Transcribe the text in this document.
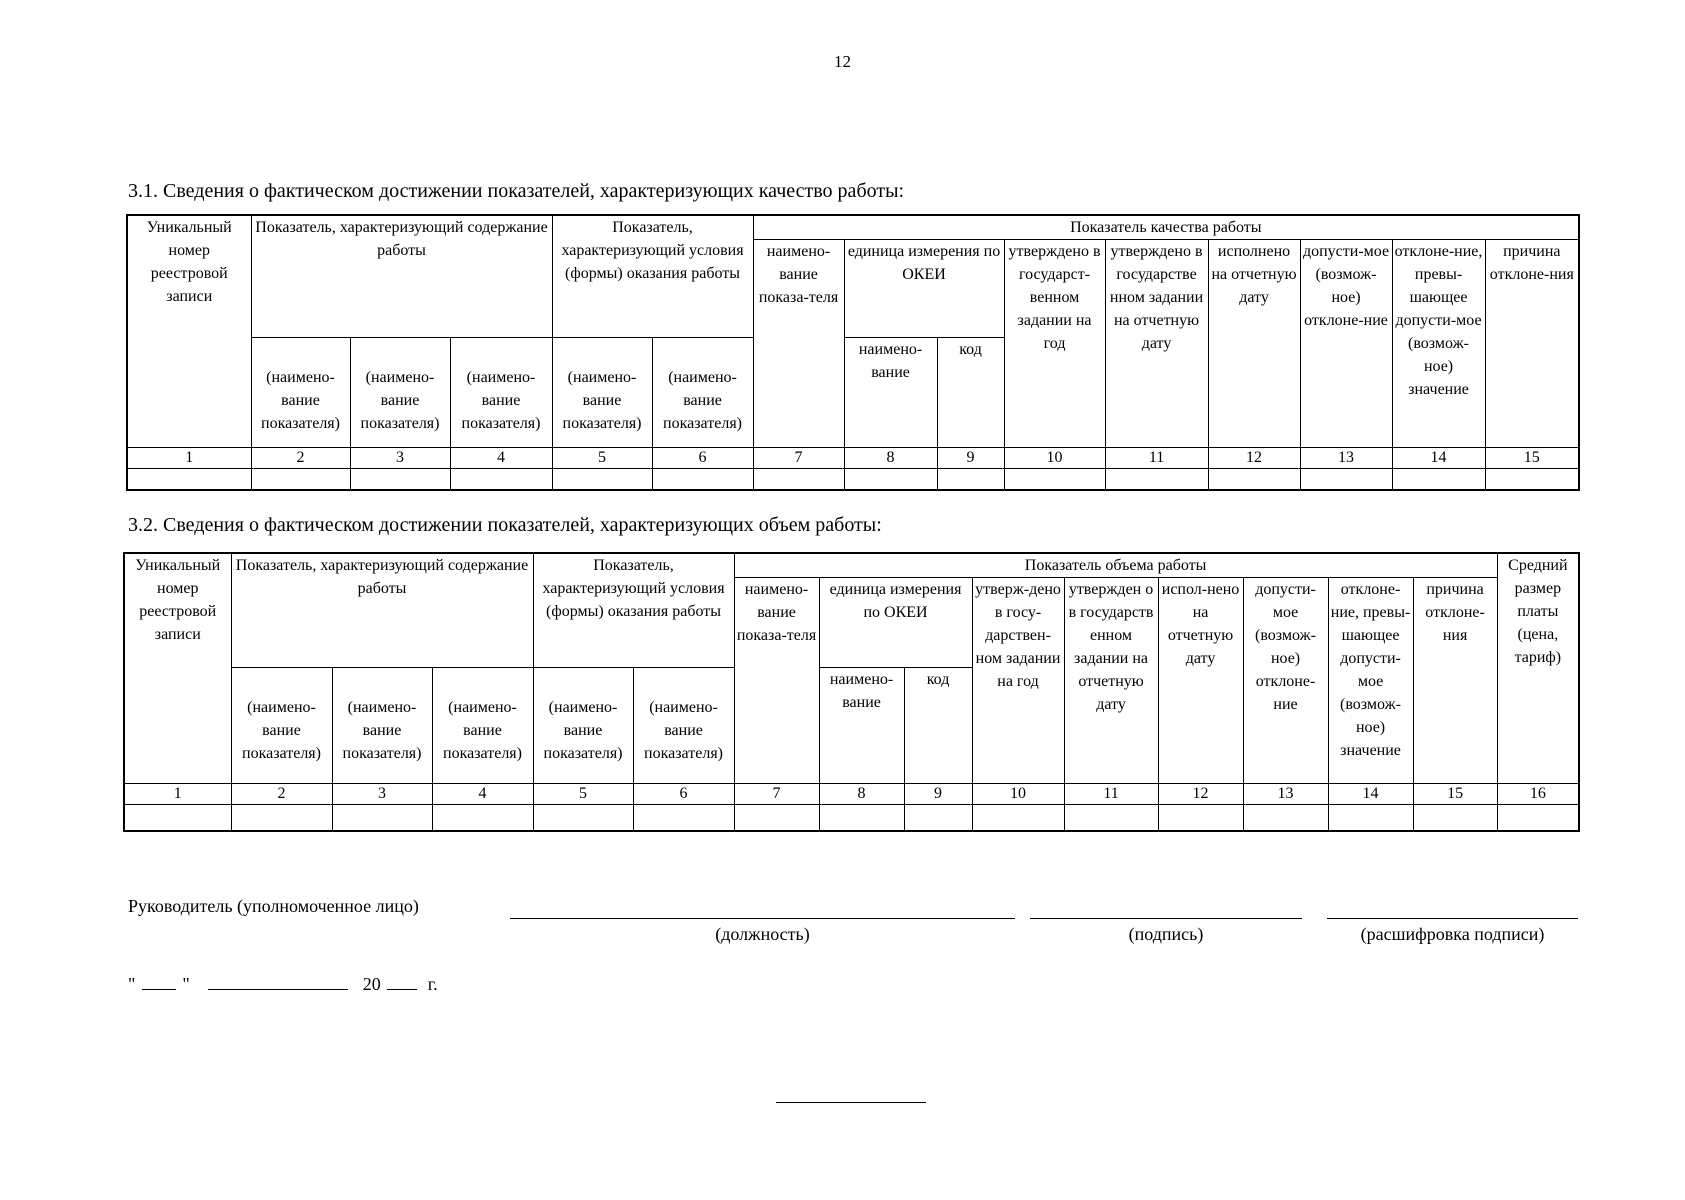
12
3.1. Сведения о фактическом достижении показателей, характеризующих качество работы:
Уникальный номер реестровой записи	Показатель, характеризующий содержание работы			Показатель, характеризующий условия (формы) оказания работы		Показатель качества работы								
						наимено-вание показа-теля	единица измерения по ОКЕИ		утверждено в государст-венном задании на год	утверждено в государстве нном задании на отчетную дату	исполнено на отчетную дату	допусти-мое (возмож-ное) отклоне-ние	отклоне-ние, превы-шающее допусти-мое (возмож-ное) значение	причина отклоне-ния
	(наимено-вание показателя)	(наимено-вание показателя)	(наимено-вание показателя)	(наимено-вание показателя)	(наимено-вание показателя)		наимено-вание	код						
1	2	3	4	5	6	7	8	9	10	11	12	13	14	15

3.2. Сведения о фактическом достижении показателей, характеризующих объем работы:
Уникальный номер реестровой записи	Показатель, характеризующий содержание работы			Показатель, характеризующий условия (формы) оказания работы		Показатель объема работы									Средний размер платы (цена, тариф)
						наимено-вание показа-теля	единица измерения по ОКЕИ		утверж-дено в госу-дарствен-ном задании на год	утвержден о в государств енном задании на отчетную дату	испол-нено на отчетную дату	допусти-мое (возмож-ное) отклоне-ние	отклоне-ние, превы-шающее допусти-мое (возмож-ное) значение	причина отклоне-ния	
	(наимено-вание показателя)	(наимено-вание показателя)	(наимено-вание показателя)	(наимено-вание показателя)	(наимено-вание показателя)		наимено-вание	код							
1	2	3	4	5	6	7	8	9	10	11	12	13	14	15	16

Руководитель (уполномоченное лицо)
(должность)	(подпись)	(расшифровка подписи)
"	"	20	г.
